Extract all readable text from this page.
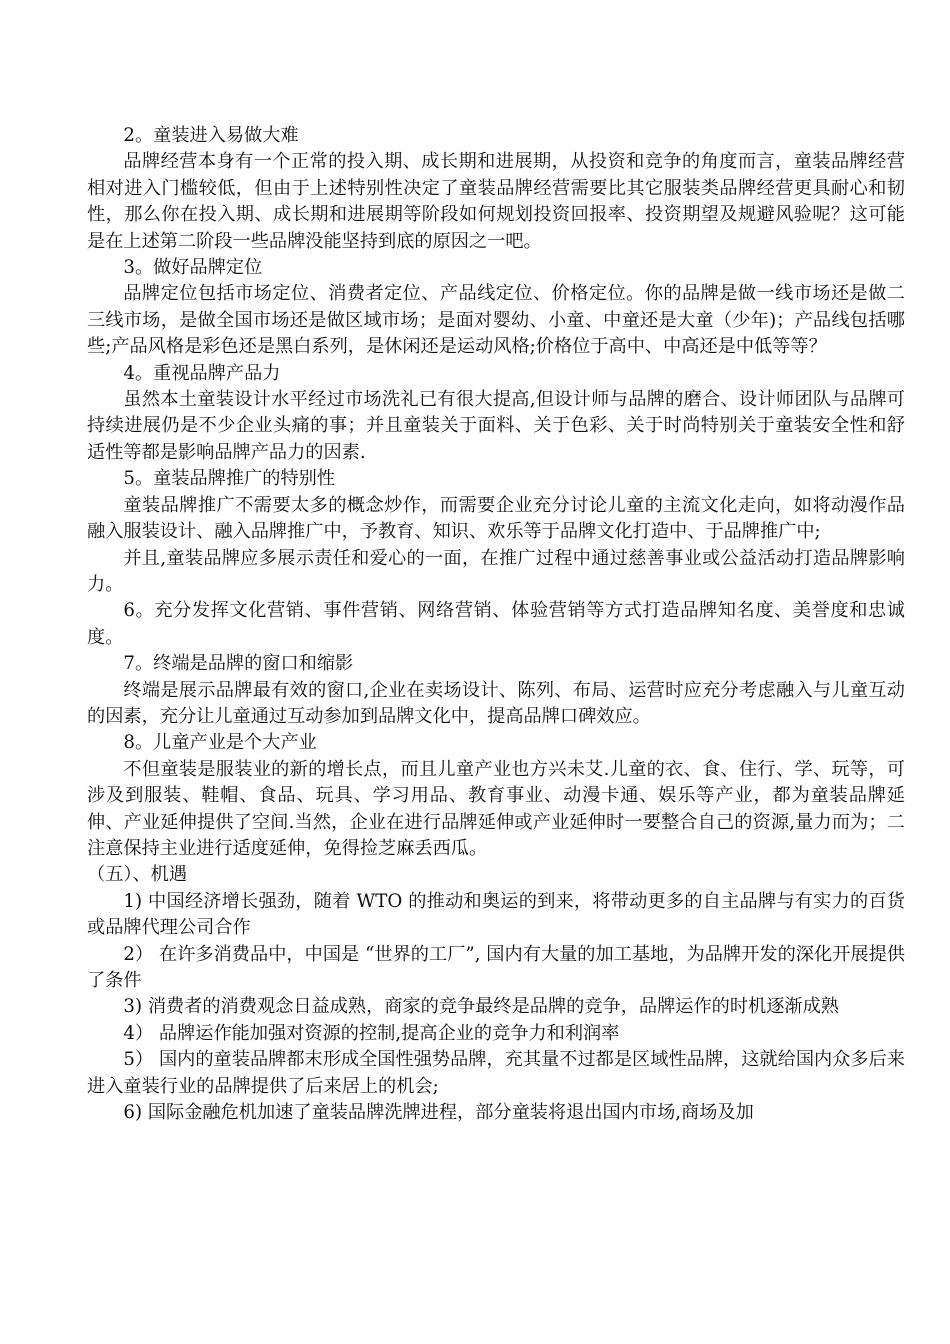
2。童装进入易做大难

品牌经营本身有一个正常的投入期、成长期和进展期，从投资和竞争的角度而言，童装品牌经营相对进入门槛较低，但由于上述特别性决定了童装品牌经营需要比其它服装类品牌经营更具耐心和韧性，那么你在投入期、成长期和进展期等阶段如何规划投资回报率、投资期望及规避风验呢？这可能是在上述第二阶段一些品牌没能坚持到底的原因之一吧。

3。做好品牌定位

品牌定位包括市场定位、消费者定位、产品线定位、价格定位。你的品牌是做一线市场还是做二三线市场，是做全国市场还是做区域市场；是面对婴幼、小童、中童还是大童（少年)；产品线包括哪些;产品风格是彩色还是黑白系列，是休闲还是运动风格;价格位于高中、中高还是中低等等？

4。重视品牌产品力

虽然本土童装设计水平经过市场洗礼已有很大提高,但设计师与品牌的磨合、设计师团队与品牌可持续进展仍是不少企业头痛的事；并且童装关于面料、关于色彩、关于时尚特别关于童装安全性和舒适性等都是影响品牌产品力的因素.

5。童装品牌推广的特别性

童装品牌推广不需要太多的概念炒作，而需要企业充分讨论儿童的主流文化走向，如将动漫作品融入服装设计、融入品牌推广中，予教育、知识、欢乐等于品牌文化打造中、于品牌推广中;

并且,童装品牌应多展示责任和爱心的一面，在推广过程中通过慈善事业或公益活动打造品牌影响力。

6。充分发挥文化营销、事件营销、网络营销、体验营销等方式打造品牌知名度、美誉度和忠诚度。

7。终端是品牌的窗口和缩影

终端是展示品牌最有效的窗口,企业在卖场设计、陈列、布局、运营时应充分考虑融入与儿童互动的因素，充分让儿童通过互动参加到品牌文化中，提高品牌口碑效应。

8。儿童产业是个大产业

不但童装是服装业的新的增长点，而且儿童产业也方兴未艾.儿童的衣、食、住行、学、玩等，可涉及到服装、鞋帽、食品、玩具、学习用品、教育事业、动漫卡通、娱乐等产业，都为童装品牌延伸、产业延伸提供了空间.当然，企业在进行品牌延伸或产业延伸时一要整合自己的资源,量力而为；二注意保持主业进行适度延伸，免得捡芝麻丢西瓜。

（五）、机遇

1) 中国经济增长强劲，随着 WTO 的推动和奥运的到来，将带动更多的自主品牌与有实力的百货或品牌代理公司合作

2） 在许多消费品中，中国是 “世界的工厂”, 国内有大量的加工基地，为品牌开发的深化开展提供了条件

3) 消费者的消费观念日益成熟，商家的竞争最终是品牌的竞争，品牌运作的时机逐渐成熟

4） 品牌运作能加强对资源的控制,提高企业的竞争力和利润率

5） 国内的童装品牌都末形成全国性强势品牌，充其量不过都是区域性品牌，这就给国内众多后来进入童装行业的品牌提供了后来居上的机会;

6) 国际金融危机加速了童装品牌洗牌进程，部分童装将退出国内市场,商场及加
